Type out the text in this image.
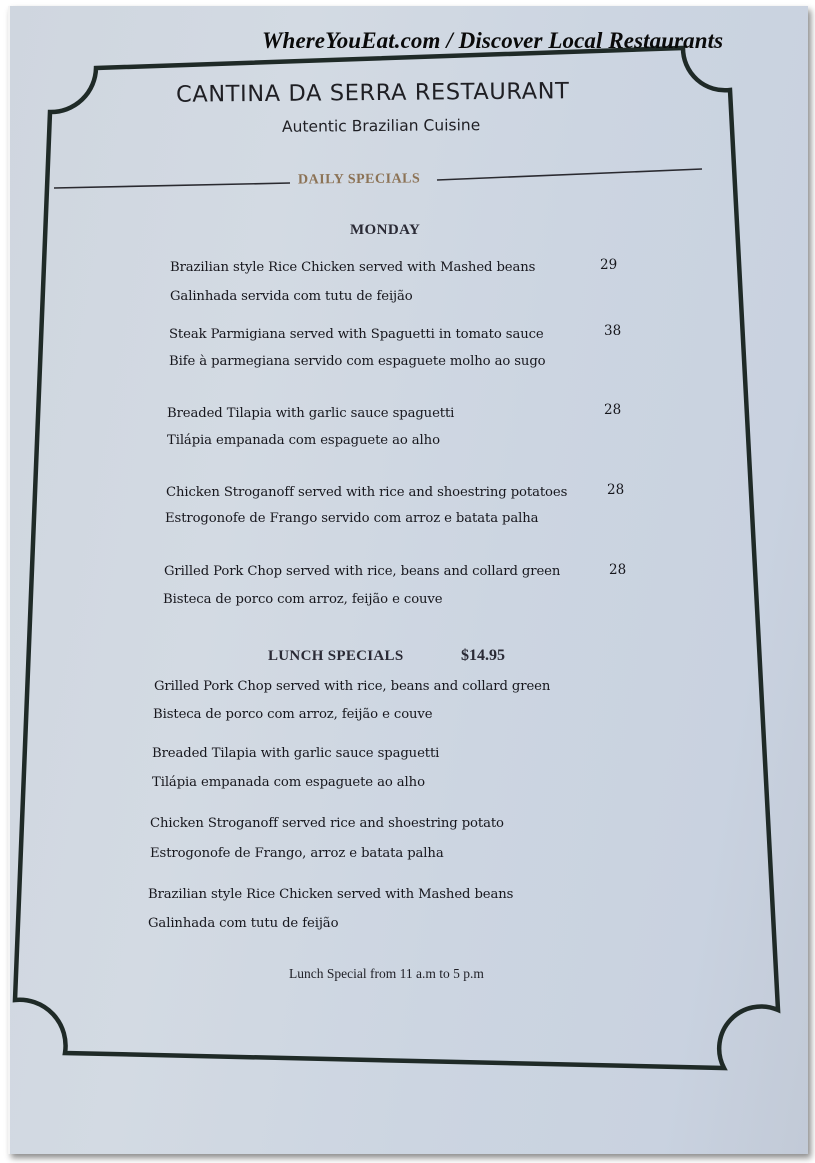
WhereYouEat.com / Discover Local Restaurants
CANTINA DA SERRA RESTAURANT
Autentic Brazilian Cuisine
DAILY SPECIALS
MONDAY
Brazilian style Rice Chicken served with Mashed beans
Galinhada servida com tutu de feijão
29
Steak Parmigiana served with Spaguetti in tomato sauce
Bife à parmegiana servido com espaguete molho ao sugo
38
Breaded Tilapia with garlic sauce spaguetti
Tilápia empanada com espaguete ao alho
28
Chicken Stroganoff served with rice and shoestring potatoes
Estrogonofe de Frango servido com arroz e batata palha
28
Grilled Pork Chop served with rice, beans and collard green
Bisteca de porco com arroz, feijão e couve
28
LUNCH SPECIALS	$14.95
Grilled Pork Chop served with rice, beans and collard green
Bisteca de porco com arroz, feijão e couve
Breaded Tilapia with garlic sauce spaguetti
Tilápia empanada com espaguete ao alho
Chicken Stroganoff served rice and shoestring potato
Estrogonofe de Frango, arroz e batata palha
Brazilian style Rice Chicken served with Mashed beans
Galinhada com tutu de feijão
Lunch Special from 11 a.m to 5 p.m
